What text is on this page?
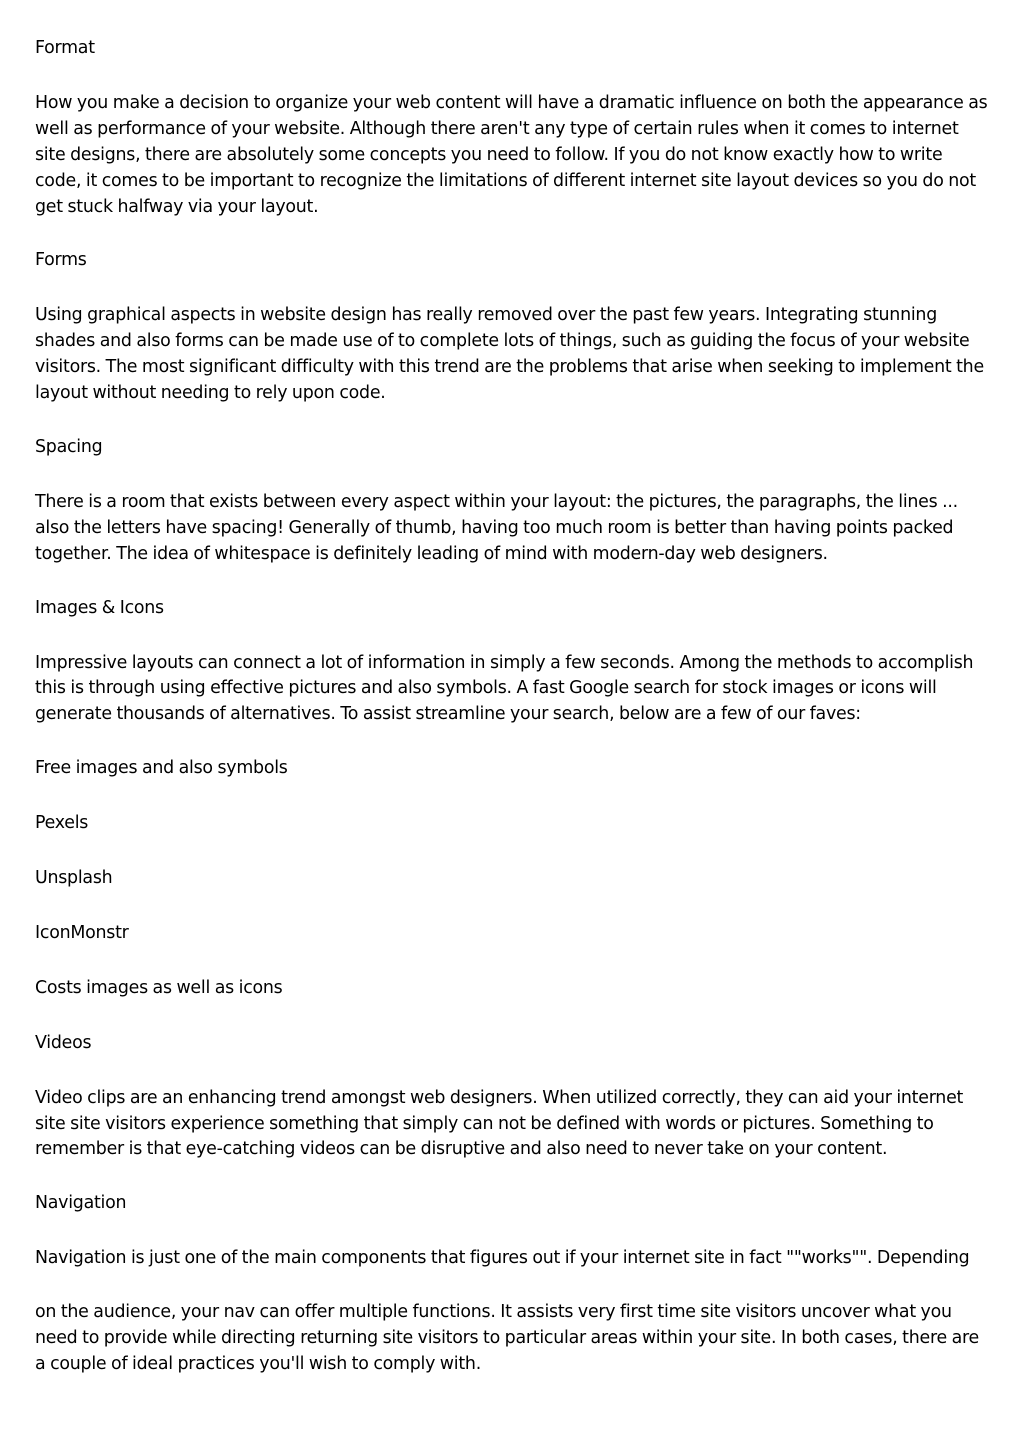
Format

How you make a decision to organize your web content will have a dramatic influence on both the appearance as well as performance of your website. Although there aren't any type of certain rules when it comes to internet site designs, there are absolutely some concepts you need to follow. If you do not know exactly how to write code, it comes to be important to recognize the limitations of different internet site layout devices so you do not get stuck halfway via your layout.

Forms

Using graphical aspects in website design has really removed over the past few years. Integrating stunning shades and also forms can be made use of to complete lots of things, such as guiding the focus of your website visitors. The most significant difficulty with this trend are the problems that arise when seeking to implement the layout without needing to rely upon code.

Spacing

There is a room that exists between every aspect within your layout: the pictures, the paragraphs, the lines ... also the letters have spacing! Generally of thumb, having too much room is better than having points packed together. The idea of whitespace is definitely leading of mind with modern-day web designers.

Images & Icons

Impressive layouts can connect a lot of information in simply a few seconds. Among the methods to accomplish this is through using effective pictures and also symbols. A fast Google search for stock images or icons will generate thousands of alternatives. To assist streamline your search, below are a few of our faves:

Free images and also symbols

Pexels

Unsplash

IconMonstr

Costs images as well as icons

Videos

Video clips are an enhancing trend amongst web designers. When utilized correctly, they can aid your internet site site visitors experience something that simply can not be defined with words or pictures. Something to remember is that eye-catching videos can be disruptive and also need to never take on your content.

Navigation

Navigation is just one of the main components that figures out if your internet site in fact ""works"". Depending

on the audience, your nav can offer multiple functions. It assists very first time site visitors uncover what you need to provide while directing returning site visitors to particular areas within your site. In both cases, there are a couple of ideal practices you'll wish to comply with.
